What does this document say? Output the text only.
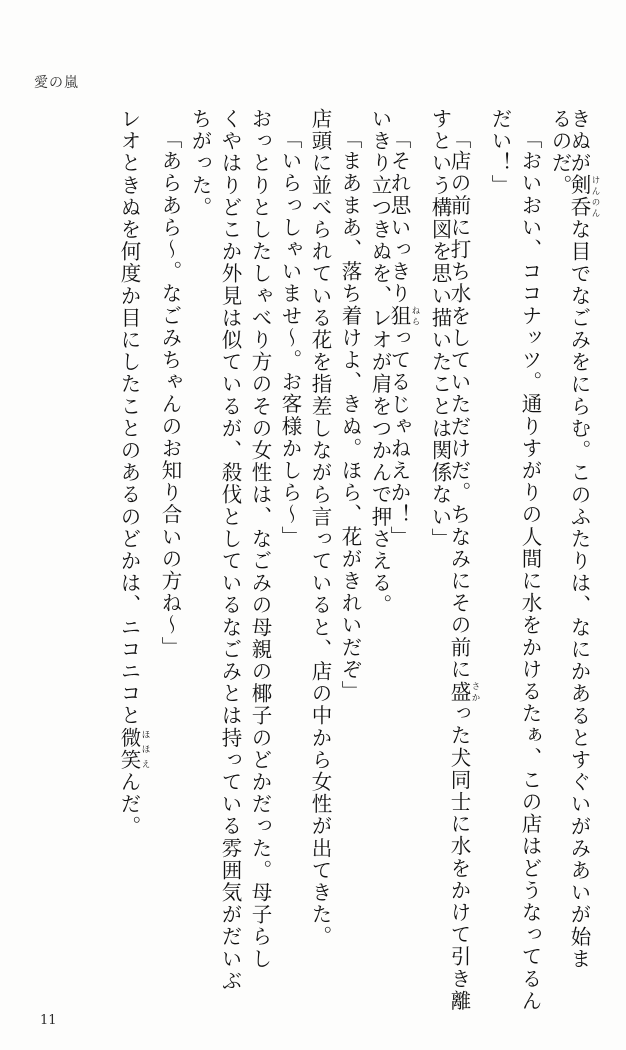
愛の嵐
きぬが剣呑 けんのんな目でなごみをにらむ。このふたりは、なにかあるとすぐいがみあいが始ま
るのだ。
「おいおい、ココナッツ。通りすがりの人間に水をかけるたぁ、この店はどうなってるん
だい！」
「店の前に打ち水をしていただけだ。ちなみにその前に盛 さかった犬同士に水をかけて引き離
すという構図を思い描いたことは関係ない」
「それ思いっきり狙 ねらってるじゃねえか！」
いきり立つきぬを、レオが肩をつかんで押さえる。
「まあまあ、落ち着けよ、きぬ。ほら、花がきれいだぞ」
店頭に並べられている花を指差しながら言っていると、店の中から女性が出てきた。
「いらっしゃいませ〜。お客様かしら〜」
おっとりとしたしゃべり方のその女性は、なごみの母親の椰子のどかだった。母子らし
くやはりどこか外見は似ているが、殺伐としているなごみとは持っている雰囲気がだいぶ
ちがった。
「あらあら〜。なごみちゃんのお知り合いの方ね〜」
レオときぬを何度か目にしたことのあるのどかは、ニコニコと微笑 ほほえんだ。
11
